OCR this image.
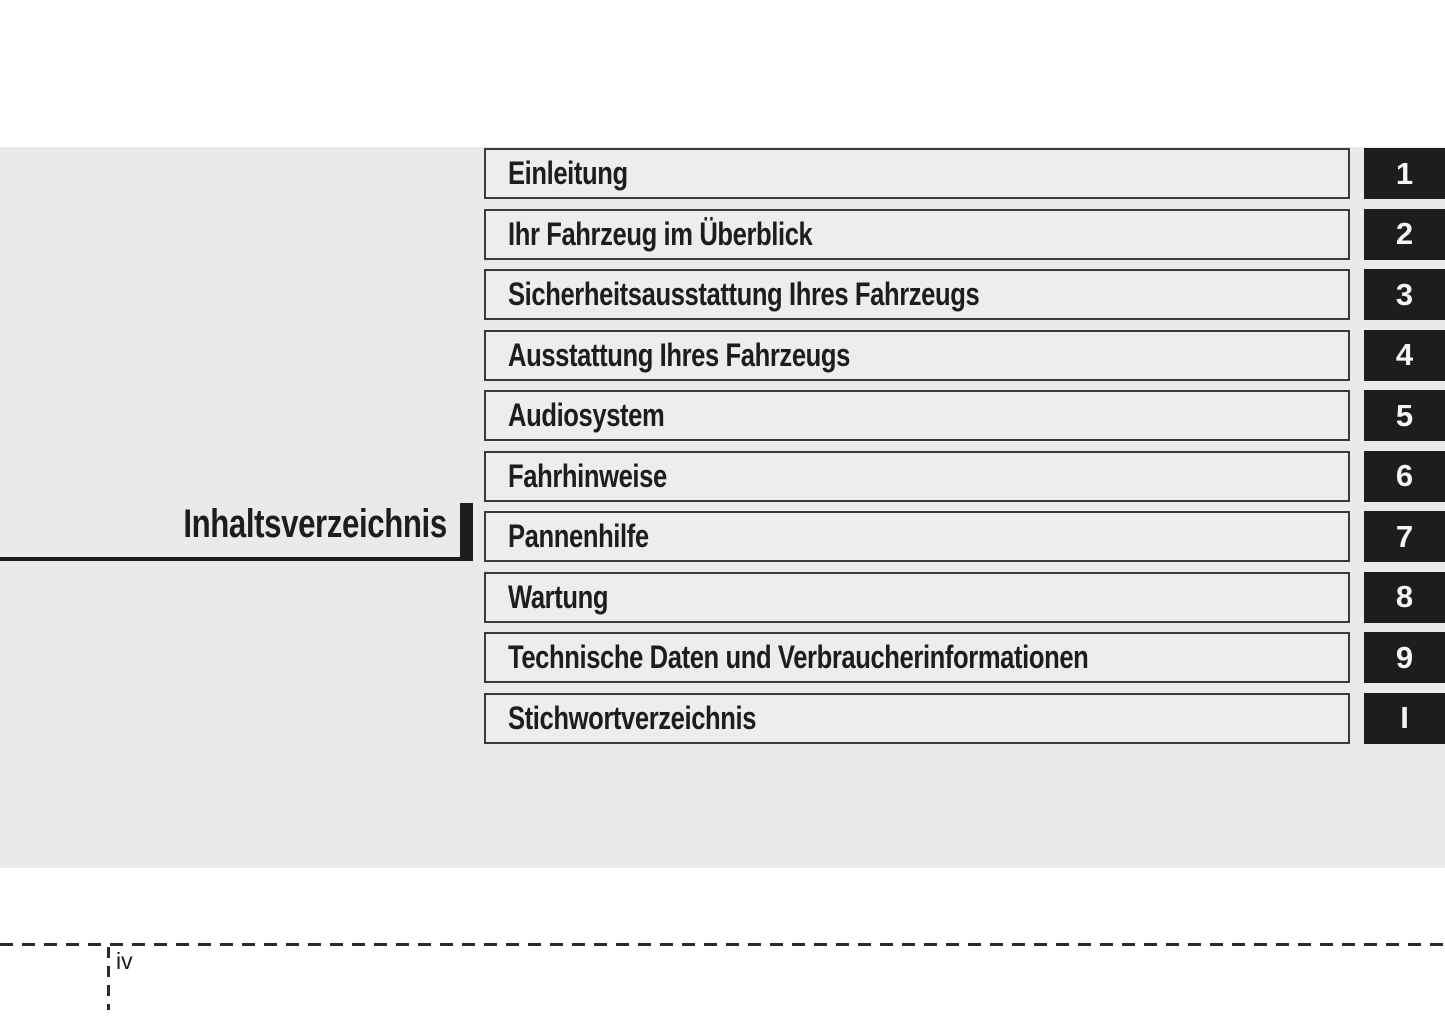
Inhaltsverzeichnis
Einleitung	1
Ihr Fahrzeug im Überblick	2
Sicherheitsausstattung Ihres Fahrzeugs	3
Ausstattung Ihres Fahrzeugs	4
Audiosystem	5
Fahrhinweise	6
Pannenhilfe	7
Wartung	8
Technische Daten und Verbraucherinformationen	9
Stichwortverzeichnis	I
iv
